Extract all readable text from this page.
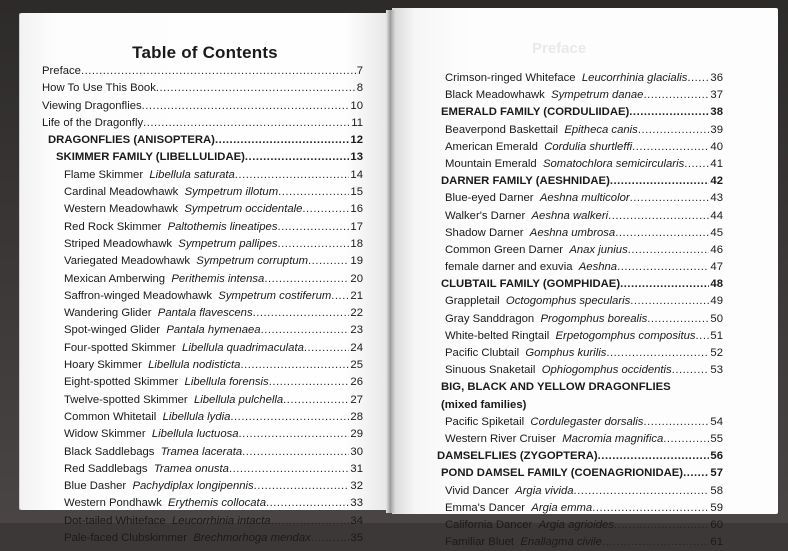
Table of Contents	Preface
Preface .....	7
How To Use This Book .....	8
Viewing Dragonflies .....	10
Life of the Dragonfly .....	11
DRAGONFLIES (ANISOPTERA) .....	12
SKIMMER FAMILY (LIBELLULIDAE) .....	13
Flame Skimmer Libellula saturata .....	14
Cardinal Meadowhawk Sympetrum illotum .....	15
Western Meadowhawk Sympetrum occidentale .....	16
Red Rock Skimmer Paltothemis lineatipes .....	17
Striped Meadowhawk Sympetrum pallipes .....	18
Variegated Meadowhawk Sympetrum corruptum .....	19
Mexican Amberwing Perithemis intensa .....	20
Saffron-winged Meadowhawk Sympetrum costiferum ..... 21
Wandering Glider Pantala flavescens .....	22
Spot-winged Glider Pantala hymenaea .....	23
Four-spotted Skimmer Libellula quadrimaculata .....	24
Hoary Skimmer Libellula nodisticta .....	25
Eight-spotted Skimmer Libellula forensis .....	26
Twelve-spotted Skimmer Libellula pulchella .....	27
Common Whitetail Libellula lydia .....	28
Widow Skimmer Libellula luctuosa .....	29
Black Saddlebags Tramea lacerata .....	30
Red Saddlebags Tramea onusta .....	31
Blue Dasher Pachydiplax longipennis .....	32
Western Pondhawk Erythemis collocata .....	33
Dot-tailed Whiteface Leucorrhinia intacta .....	34
Pale-faced Clubskimmer Brechmorhoga mendax .....	35
Crimson-ringed Whiteface Leucorrhinia glacialis ..... 36
Black Meadowhawk Sympetrum danae .....	37
EMERALD FAMILY (CORDULIIDAE) .....	38
Beaverpond Baskettail Epitheca canis .....	39
American Emerald Cordulia shurtleffi .....	40
Mountain Emerald Somatochlora semicircularis ..... 41
DARNER FAMILY (AESHNIDAE) .....	42
Blue-eyed Darner Aeshna multicolor .....	43
Walker's Darner Aeshna walkeri .....	44
Shadow Darner Aeshna umbrosa .....	45
Common Green Darner Anax junius .....	46
female darner and exuvia Aeshna .....	47
CLUBTAIL FAMILY (GOMPHIDAE) .....	48
Grappletail Octogomphus specularis .....	49
Gray Sanddragon Progomphus borealis .....	50
White-belted Ringtail Erpetogomphus compositus ..... 51
Pacific Clubtail Gomphus kurilis .....	52
Sinuous Snaketail Ophiogomphus occidentis .....	53
BIG, BLACK AND YELLOW DRAGONFLIES
(mixed families)
Pacific Spiketail Cordulegaster dorsalis .....	54
Western River Cruiser Macromia magnifica .....	55
DAMSELFLIES (ZYGOPTERA) .....	56
POND DAMSEL FAMILY (COENAGRIONIDAE) ..... 57
Vivid Dancer Argia vivida .....	58
Emma's Dancer Argia emma .....	59
California Dancer Argia agrioides .....	60
Familiar Bluet Enallagma civile .....	61
